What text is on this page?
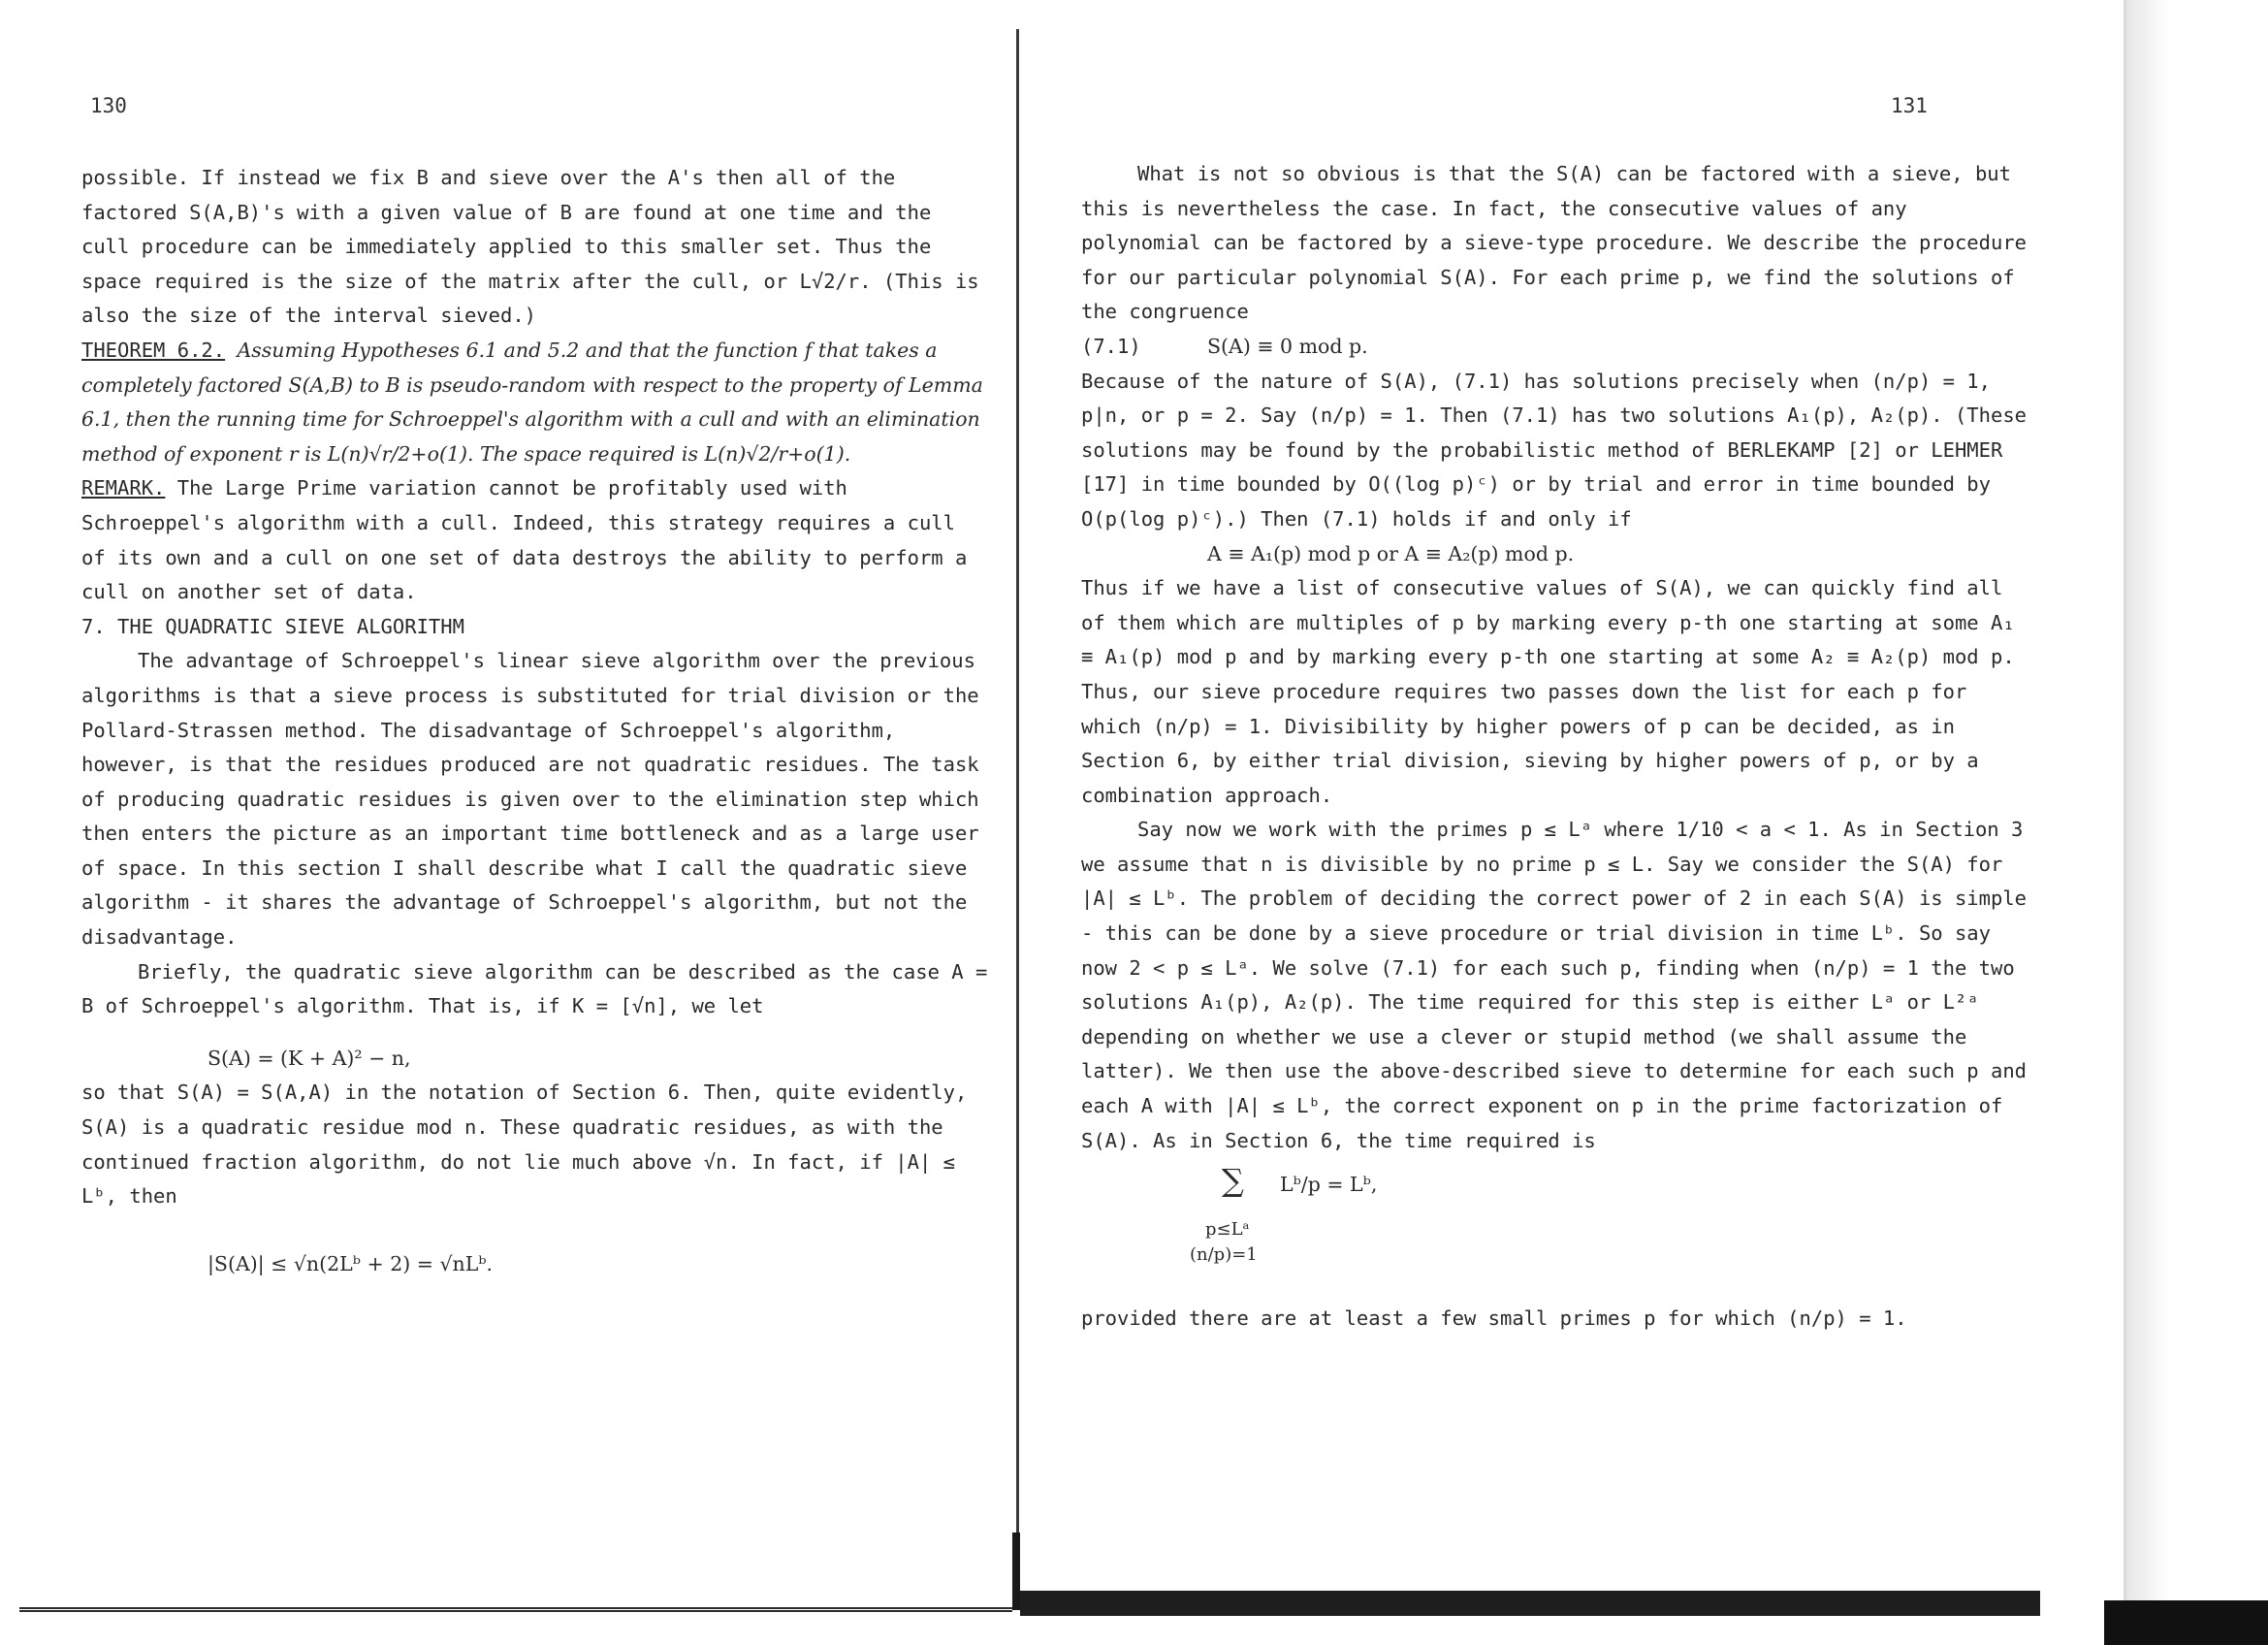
130

possible. If instead we fix B and sieve over the A's then all of the factored S(A,B)'s with a given value of B are found at one time and the cull procedure can be immediately applied to this smaller set. Thus the space required is the size of the matrix after the cull, or L√2/r. (This is also the size of the interval sieved.)

THEOREM 6.2. Assuming Hypotheses 6.1 and 5.2 and that the function f that takes a completely factored S(A,B) to B is pseudo-random with respect to the property of Lemma 6.1, then the running time for Schroeppel's algorithm with a cull and with an elimination method of exponent r is L(n)√r/2+o(1). The space required is L(n)√2/r+o(1).

REMARK. The Large Prime variation cannot be profitably used with Schroeppel's algorithm with a cull. Indeed, this strategy requires a cull of its own and a cull on one set of data destroys the ability to perform a cull on another set of data.

7. THE QUADRATIC SIEVE ALGORITHM

The advantage of Schroeppel's linear sieve algorithm over the previous algorithms is that a sieve process is substituted for trial division or the Pollard-Strassen method. The disadvantage of Schroeppel's algorithm, however, is that the residues produced are not quadratic residues. The task of producing quadratic residues is given over to the elimination step which then enters the picture as an important time bottleneck and as a large user of space. In this section I shall describe what I call the quadratic sieve algorithm - it shares the advantage of Schroeppel's algorithm, but not the disadvantage.

Briefly, the quadratic sieve algorithm can be described as the case A = B of Schroeppel's algorithm. That is, if K = [√n], we let

S(A) = (K + A)² − n,

so that S(A) = S(A,A) in the notation of Section 6. Then, quite evidently, S(A) is a quadratic residue mod n. These quadratic residues, as with the continued fraction algorithm, do not lie much above √n. In fact, if |A| ≤ Lᵇ, then

|S(A)| ≤ √n(2Lᵇ + 2) = √nLᵇ.

131

What is not so obvious is that the S(A) can be factored with a sieve, but this is nevertheless the case. In fact, the consecutive values of any polynomial can be factored by a sieve-type procedure. We describe the procedure for our particular polynomial S(A). For each prime p, we find the solutions of the congruence

(7.1)	S(A) ≡ 0 mod p.

Because of the nature of S(A), (7.1) has solutions precisely when (n/p) = 1, p|n, or p = 2. Say (n/p) = 1. Then (7.1) has two solutions A₁(p), A₂(p). (These solutions may be found by the probabilistic method of BERLEKAMP [2] or LEHMER [17] in time bounded by O((log p)ᶜ) or by trial and error in time bounded by O(p(log p)ᶜ).) Then (7.1) holds if and only if

A ≡ A₁(p) mod p or A ≡ A₂(p) mod p.

Thus if we have a list of consecutive values of S(A), we can quickly find all of them which are multiples of p by marking every p-th one starting at some A₁ ≡ A₁(p) mod p and by marking every p-th one starting at some A₂ ≡ A₂(p) mod p. Thus, our sieve procedure requires two passes down the list for each p for which (n/p) = 1. Divisibility by higher powers of p can be decided, as in Section 6, by either trial division, sieving by higher powers of p, or by a combination approach.

Say now we work with the primes p ≤ Lᵃ where 1/10 < a < 1. As in Section 3 we assume that n is divisible by no prime p ≤ L. Say we consider the S(A) for |A| ≤ Lᵇ. The problem of deciding the correct power of 2 in each S(A) is simple - this can be done by a sieve procedure or trial division in time Lᵇ. So say now 2 < p ≤ Lᵃ. We solve (7.1) for each such p, finding when (n/p) = 1 the two solutions A₁(p), A₂(p). The time required for this step is either Lᵃ or L²ᵃ depending on whether we use a clever or stupid method (we shall assume the latter). We then use the above-described sieve to determine for each such p and each A with |A| ≤ Lᵇ, the correct exponent on p in the prime factorization of S(A). As in Section 6, the time required is

∑ Lᵇ/p = Lᵇ,
p≤Lᵃ
(n/p)=1

provided there are at least a few small primes p for which (n/p) = 1.
